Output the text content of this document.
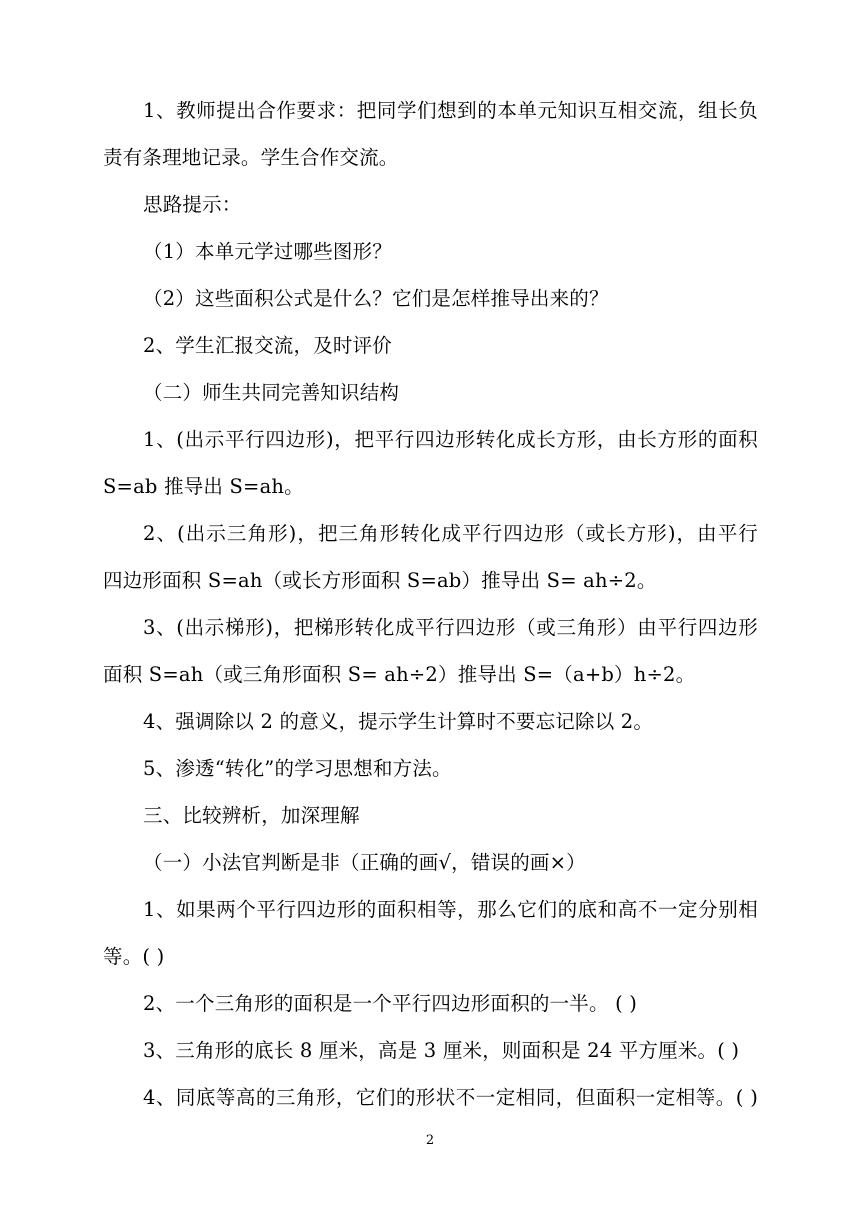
1、教师提出合作要求：把同学们想到的本单元知识互相交流，组长负
责有条理地记录。学生合作交流。
思路提示：
（1）本单元学过哪些图形？
（2）这些面积公式是什么？它们是怎样推导出来的？
2、学生汇报交流，及时评价
（二）师生共同完善知识结构
1、(出示平行四边形)，把平行四边形转化成长方形，由长方形的面积
S=ab 推导出 S=ah。
2、(出示三角形)，把三角形转化成平行四边形（或长方形)，由平行
四边形面积 S=ah（或长方形面积 S=ab）推导出 S= ah÷2。
3、(出示梯形)，把梯形转化成平行四边形（或三角形）由平行四边形
面积 S=ah（或三角形面积 S= ah÷2）推导出 S=（a+b）h÷2。
4、强调除以 2 的意义，提示学生计算时不要忘记除以 2。
5、渗透“转化”的学习思想和方法。
三、比较辨析，加深理解
（一）小法官判断是非（正确的画√，错误的画×）
1、如果两个平行四边形的面积相等，那么它们的底和高不一定分别相
等。( )
2、一个三角形的面积是一个平行四边形面积的一半。 ( )
3、三角形的底长 8 厘米，高是 3 厘米，则面积是 24 平方厘米。( )
2
4、同底等高的三角形，它们的形状不一定相同，但面积一定相等。( )
